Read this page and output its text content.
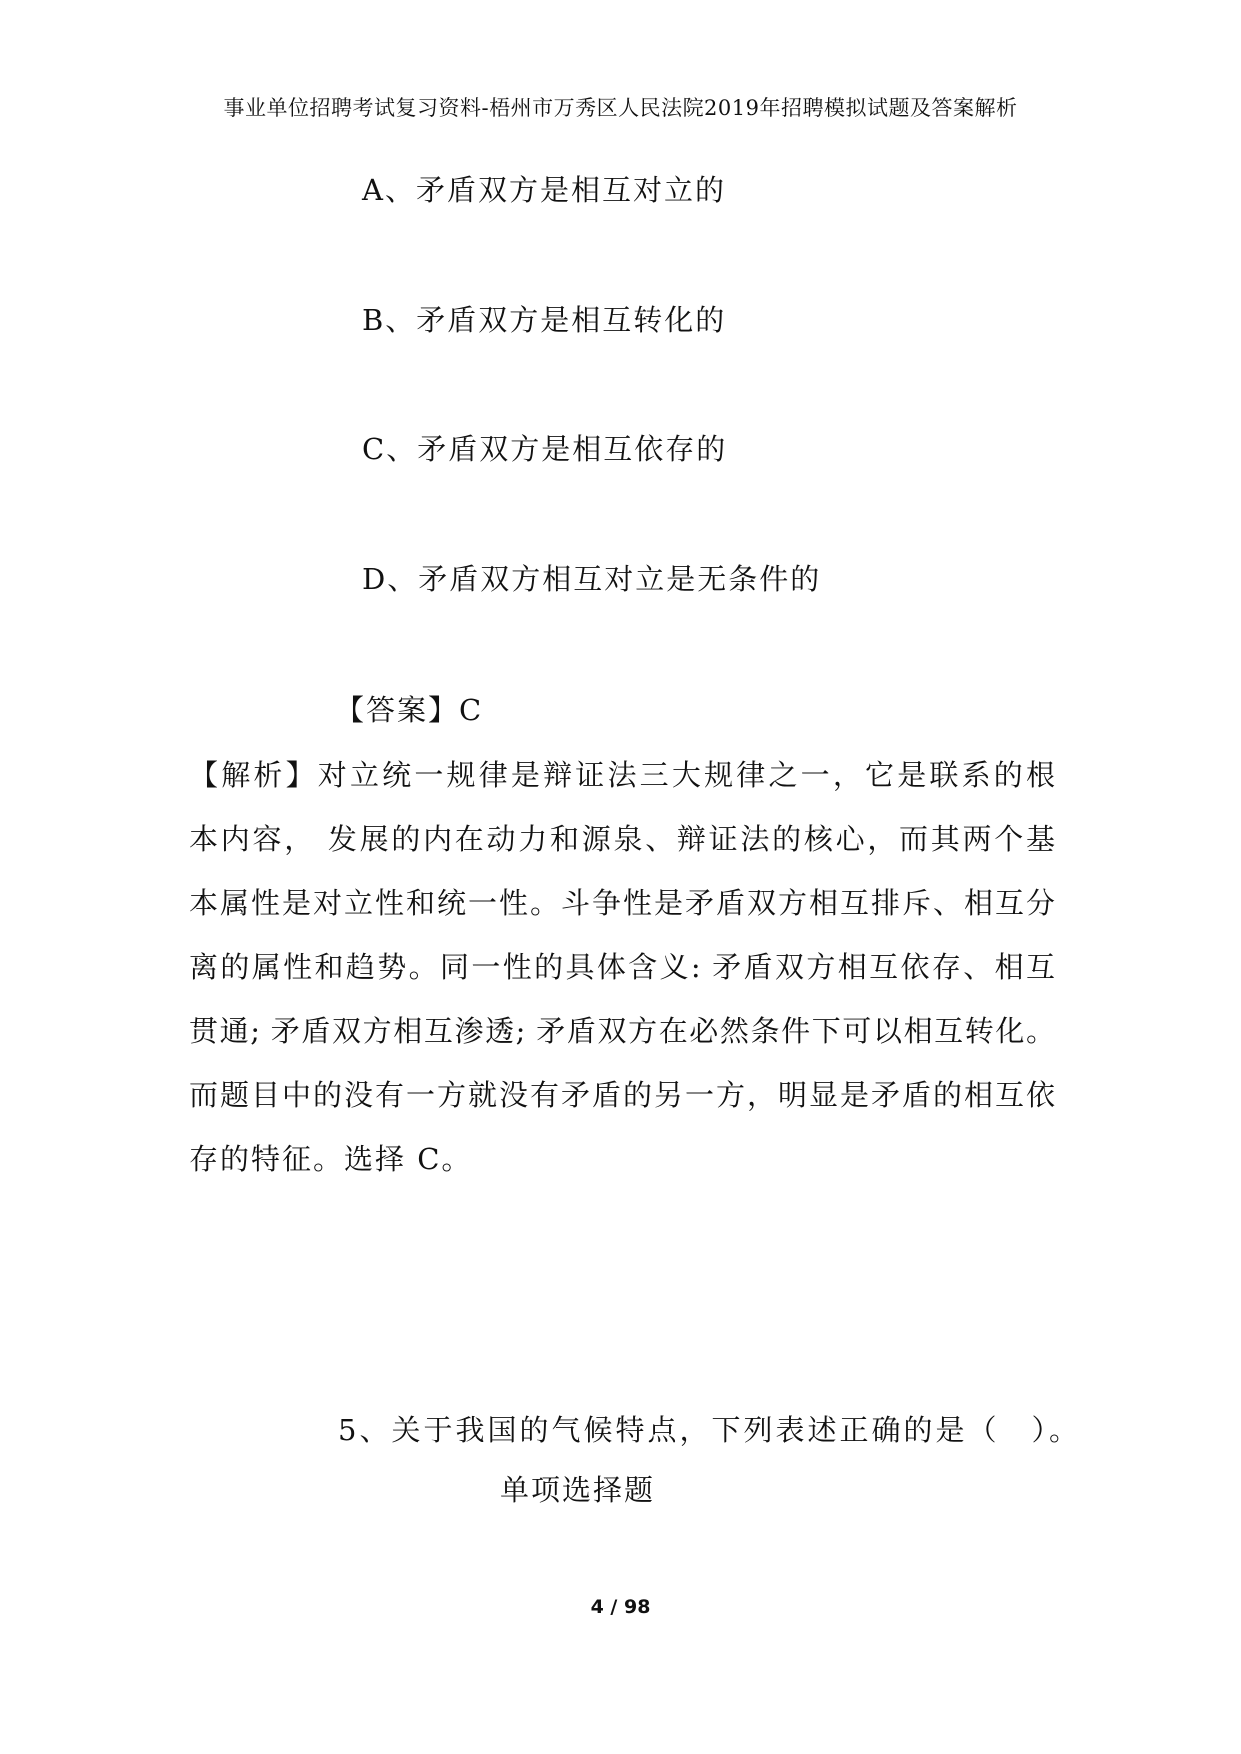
事业单位招聘考试复习资料-梧州市万秀区人民法院2019年招聘模拟试题及答案解析
A、矛盾双方是相互对立的
B、矛盾双方是相互转化的
C、矛盾双方是相互依存的
D、矛盾双方相互对立是无条件的
【答案】C
【解析】对立统一规律是辩证法三大规律之一，它是联系的根
本内容， 发展的内在动力和源泉、辩证法的核心，而其两个基
本属性是对立性和统一性。斗争性是矛盾双方相互排斥、相互分
离的属性和趋势。同一性的具体含义: 矛盾双方相互依存、相互
贯通; 矛盾双方相互渗透; 矛盾双方在必然条件下可以相互转化。
而题目中的没有一方就没有矛盾的另一方，明显是矛盾的相互依
存的特征。选择 C。
5、关于我国的气候特点，下列表述正确的是（　）。
单项选择题
4 / 98
